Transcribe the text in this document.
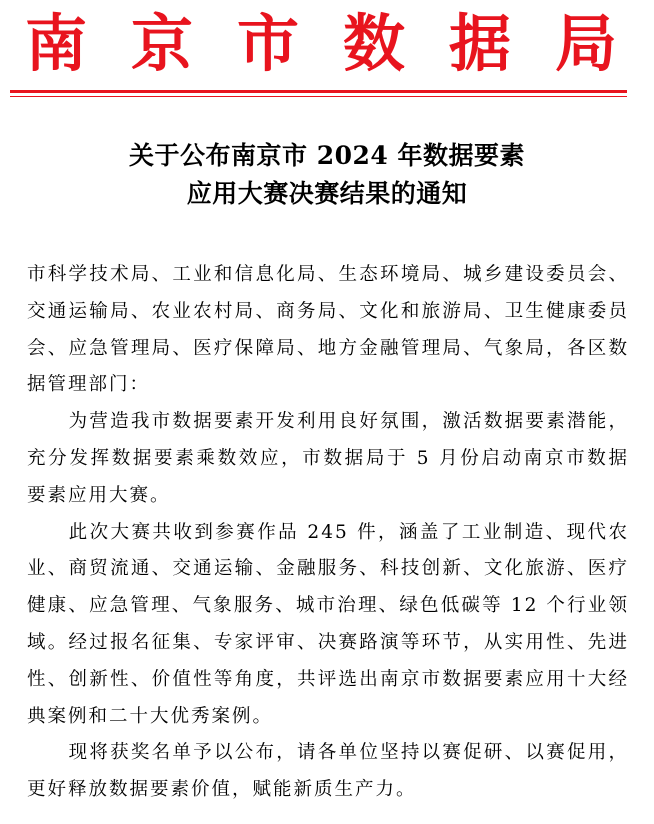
南 京 市 数 据 局
关于公布南京市 2024 年数据要素
应用大赛决赛结果的通知

市科学技术局、工业和信息化局、生态环境局、城乡建设委员会、交通运输局、农业农村局、商务局、文化和旅游局、卫生健康委员会、应急管理局、医疗保障局、地方金融管理局、气象局，各区数据管理部门：

为营造我市数据要素开发利用良好氛围，激活数据要素潜能，充分发挥数据要素乘数效应，市数据局于 5 月份启动南京市数据要素应用大赛。

此次大赛共收到参赛作品 245 件，涵盖了工业制造、现代农业、商贸流通、交通运输、金融服务、科技创新、文化旅游、医疗健康、应急管理、气象服务、城市治理、绿色低碳等 12 个行业领域。经过报名征集、专家评审、决赛路演等环节，从实用性、先进性、创新性、价值性等角度，共评选出南京市数据要素应用十大经典案例和二十大优秀案例。

现将获奖名单予以公布，请各单位坚持以赛促研、以赛促用，更好释放数据要素价值，赋能新质生产力。
